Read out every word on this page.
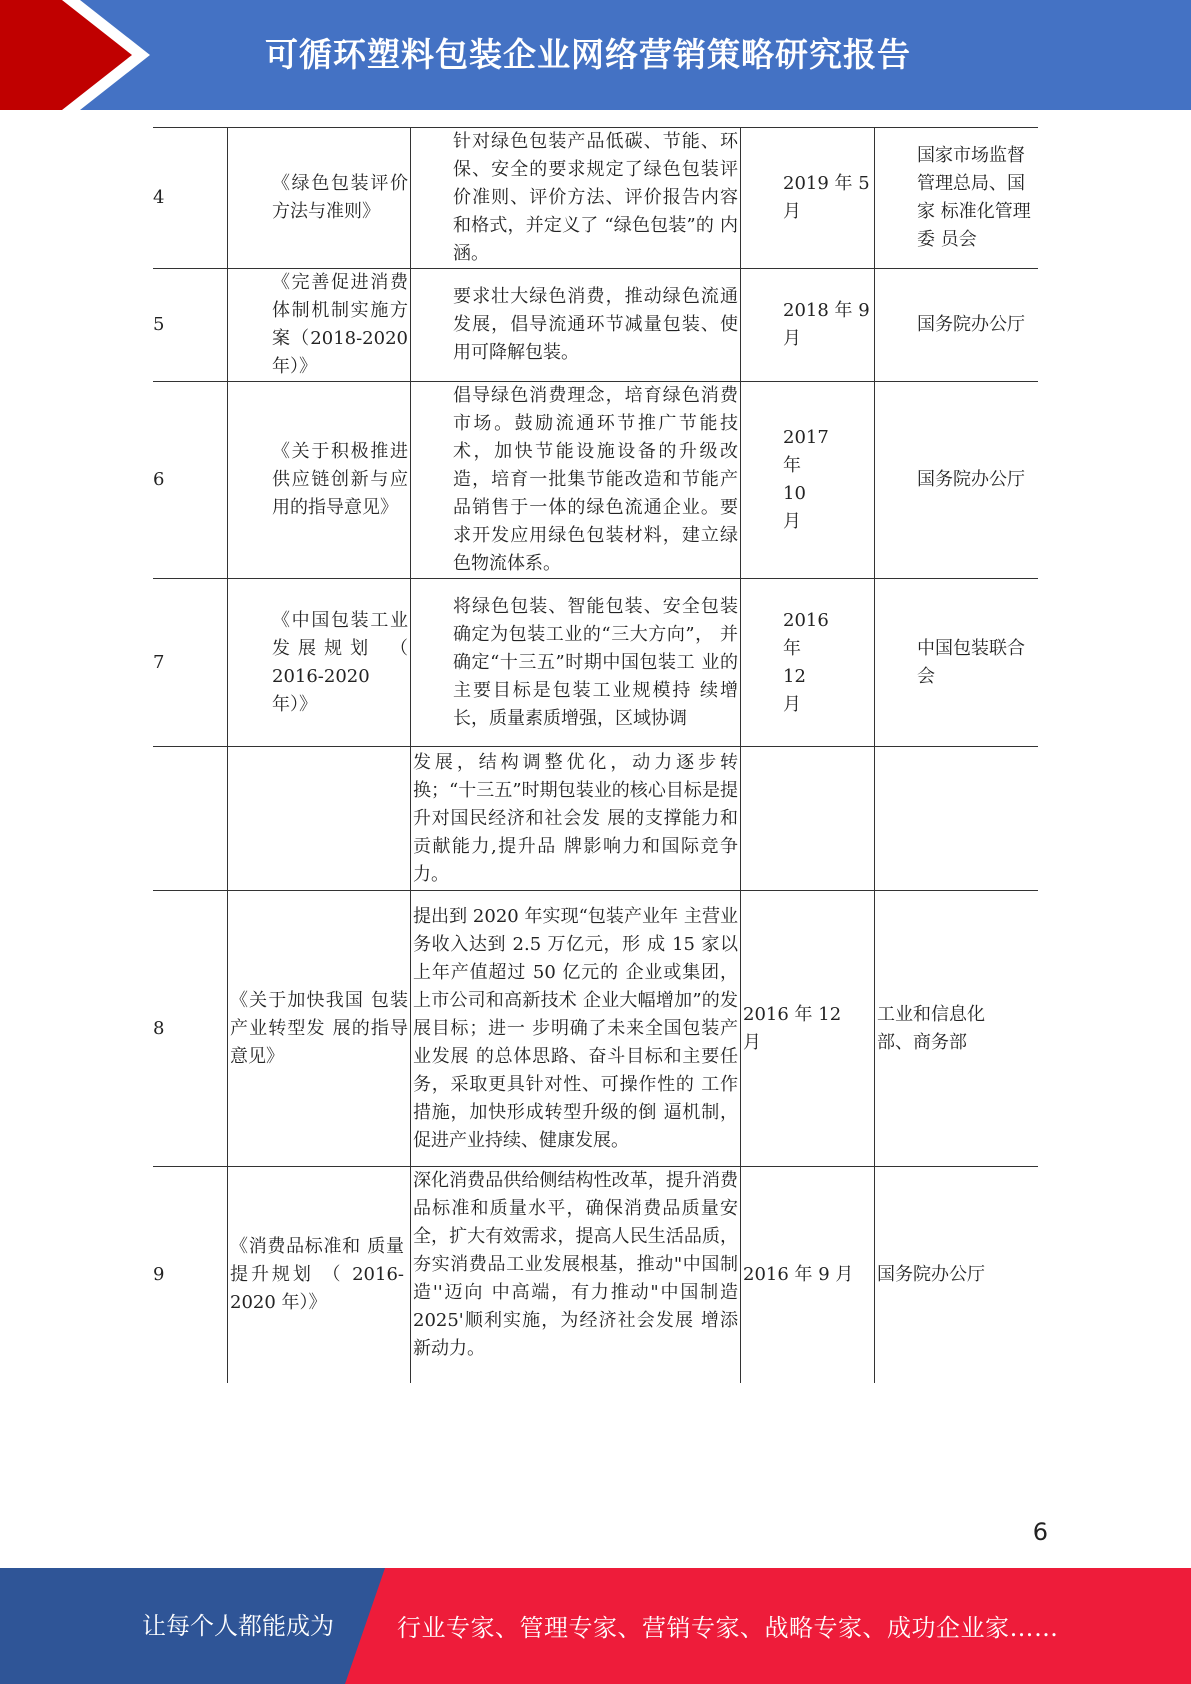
可循环塑料包装企业网络营销策略研究报告
4	《绿色包装评价 方法与准则》	针对绿色包装产品低碳、节能、环 保、安全的要求规定了绿色包装评 价准则、评价方法、评价报告内容 和格式，并定义了 “绿色包装”的 内涵。	2019 年 5 月	国家市场监督管理总局、国家 标准化管理委 员会

5	《完善促进消费 体制机制实施方 案（2018-2020 年）》	要求壮大绿色消费，推动绿色流通 发展，倡导流通环节减量包装、使 用可降解包装。	2018 年 9 月	国务院办公厅

6	《关于积极推进 供应链创新与应 用的指导意见》	倡导绿色消费理念，培育绿色消费 市场。鼓励流通环节推广节能技 术，加快节能设施设备的升级改 造，培育一批集节能改造和节能产 品销售于一体的绿色流通企业。要 求开发应用绿色包装材料，建立绿 色物流体系。	2017 年 10 月	国务院办公厅

7	《中国包装工业 发展规划 （ 2016-2020 年）》	将绿色包装、智能包装、安全包装 确定为包装工业的“三大方向”， 并确定“十三五”时期中国包装工 业的主要目标是包装工业规模持 续增长，质量素质增强，区域协调	2016 年 12 月	中国包装联合会

		发展，结构调整优化，动力逐步转换；“十三五”时期包装业的核心目标是提升对国民经济和社会发 展的支撑能力和贡献能力,提升品 牌影响力和国际竞争力。		

8	《关于加快我国 包装产业转型发 展的指导意见》	提出到 2020 年实现“包装产业年 主营业务收入达到 2.5 万亿元，形 成 15 家以上年产值超过 50 亿元的 企业或集团，上市公司和高新技术 企业大幅增加”的发展目标；进一 步明确了未来全国包装产业发展 的总体思路、奋斗目标和主要任 务，采取更具针对性、可操作性的 工作措施，加快形成转型升级的倒 逼机制，促进产业持续、健康发展。	2016 年 12 月	工业和信息化部、商务部

9	《消费品标准和 质量提升规划 （ 2016-2020 年）》	深化消费品供给侧结构性改革，提升消费品标准和质量水平，确保消费品质量安全，扩大有效需求，提高人民生活品质，夯实消费品工业发展根基，推动"中国制造''迈向 中高端，有力推动"中国制造 2025'顺利实施，为经济社会发展 增添新动力。	2016 年 9 月	国务院办公厅
6
让每个人都能成为	行业专家、管理专家、营销专家、战略专家、成功企业家……
